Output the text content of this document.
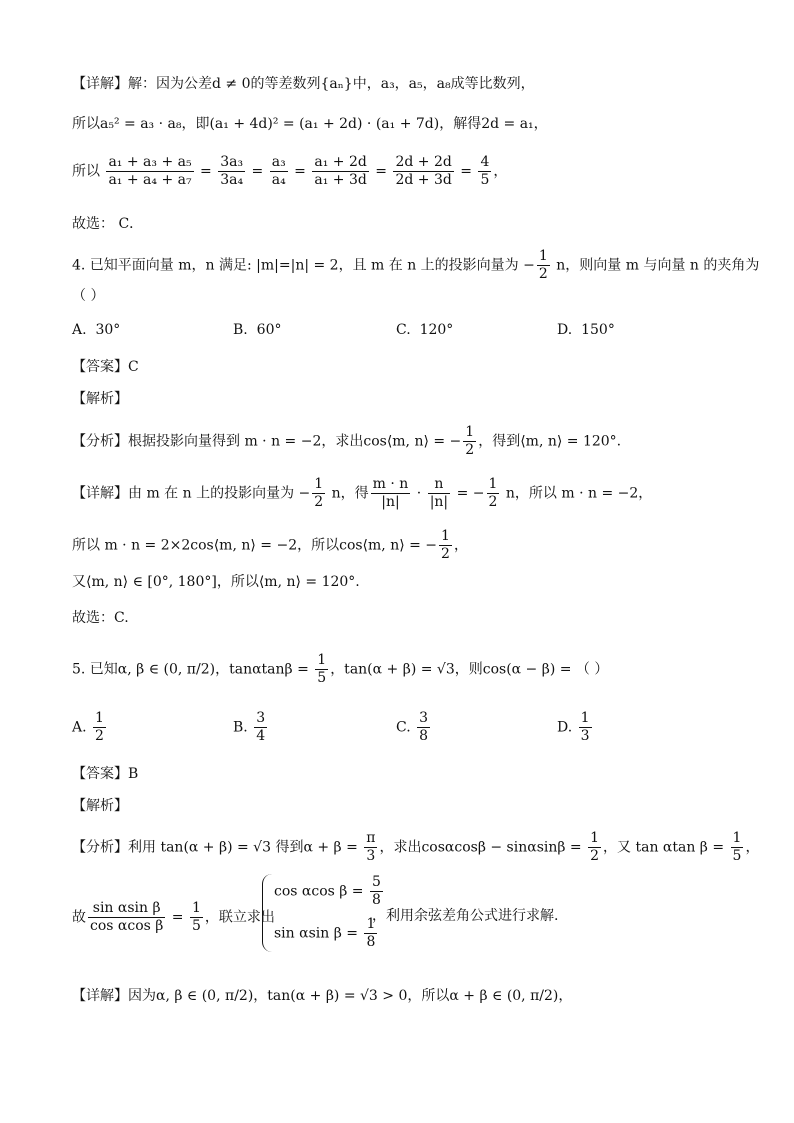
【详解】解：因为公差d ≠ 0的等差数列{aₙ}中，a₃，a₅，a₈成等比数列，
所以a₅² = a₃ · a₈，即(a₁ + 4d)² = (a₁ + 2d) · (a₁ + 7d)，解得2d = a₁，
所以 $\frac{\text{a₁ + a₃ + a₅}}{\text{a₁ + a₄ + a₇}} = \frac{\text{3a₃}}{\text{3a₄}} = \frac{\text{a₃}}{\text{a₄}} = \frac{\text{a₁ + 2d}}{\text{a₁ + 3d}} = \frac{2d + 2d}{2d + 3d} = \frac{4}{5}$ ，
故选： C．
4. 已知平面向量 m，n 满足: |m|=|n| = 2，且 m 在 n 上的投影向量为 − $\frac{1}{2}$ n，则向量 m 与向量 n 的夹角为
（ ）
A. 30°	B. 60°	C. 120°	D. 150°
【答案】C
【解析】
【分析】根据投影向量得到 m · n = −2，求出cos⟨m, n⟩ = − $\frac{1}{2}$ ，得到⟨m, n⟩ = 120°.
【详解】由 m 在 n 上的投影向量为 − $\frac{1}{2}$ n，得 $\frac{m \cdot n}{|n|} \cdot \frac{n}{|n|}$ = − $\frac{1}{2}$ n，所以 m · n = −2，
所以 m · n = 2×2cos⟨m, n⟩ = −2，所以cos⟨m, n⟩ = − $\frac{1}{2}$ ，
又⟨m, n⟩ ∈ [0°, 180°]，所以⟨m, n⟩ = 120°.
故选：C.
5. 已知α, β ∈ (0, π/2)，$\tan\alpha\tan\beta = \frac{1}{5}$ ，tan(α + β) = √3，则cos(α − β) = （ ）
A. $\frac{1}{2}$	B. $\frac{3}{4}$	C. $\frac{3}{8}$	D. $\frac{1}{3}$
【答案】B
【解析】
【分析】利用 tan(α + β) = √3 得到$\alpha + \beta = \frac{\pi}{3}$ ，求出$\cos\alpha\cos\beta - \sin\alpha\sin\beta = \frac{1}{2}$ ，又 tan αtan $\beta = \frac{1}{5}$ ，
故 $\frac{\text{sin αsin β}}{\text{cos αcos β}} = \frac{1}{5}$ ，联立求出
cos αcos $\beta = \frac{5}{8}$
sin αsin $\beta = \frac{1}{8}$
，利用余弦差角公式进行求解.
【详解】因为α, β ∈ (0, π/2)，tan(α + β) = √3 > 0，所以α + β ∈ (0, π/2)，
